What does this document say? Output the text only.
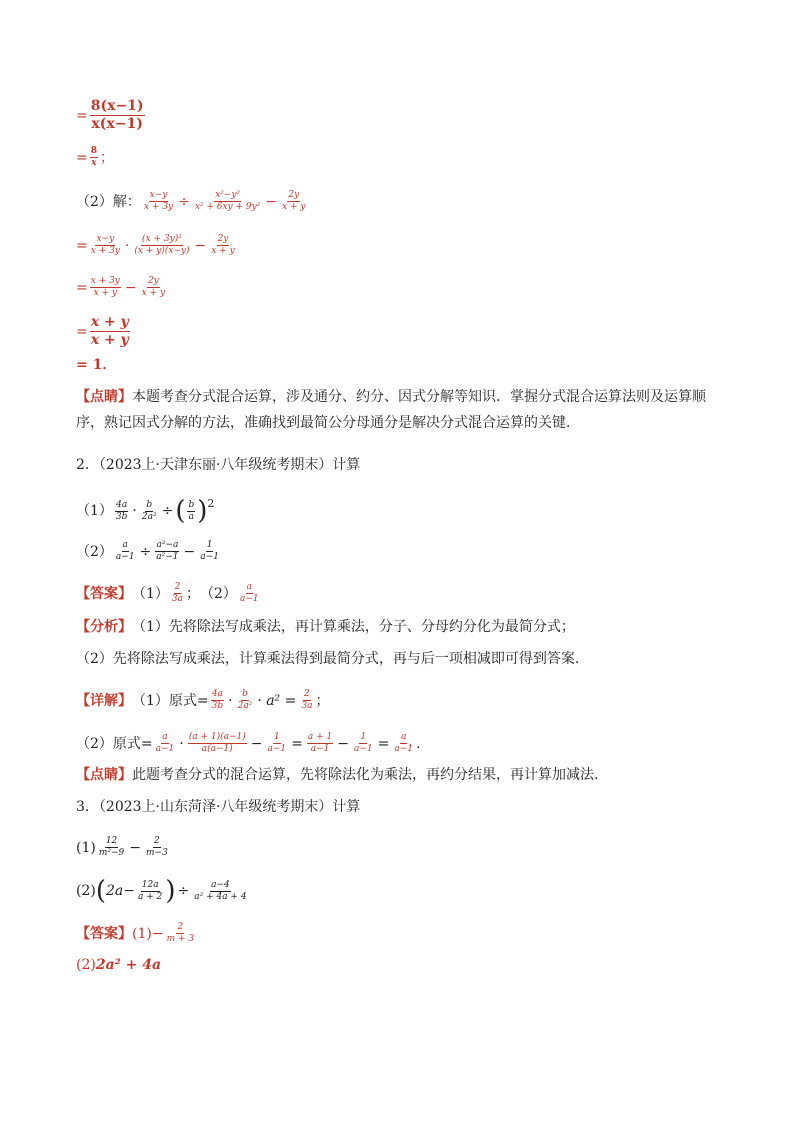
= $\frac{8(x-1)}{x(x-1)}$
= $\frac{8}{x}$ ；
（2）解： $\frac{x-y}{x + 3y} \div \frac{\text{x²−y²}}{\text{x² + 6xy + 9y²}} - \frac{2y}{x + y}$
= $\frac{x-y}{x + 3y} \cdot \frac{\text{(x + 3y)²}}{(x + y)(x-y)} - \frac{2y}{x + y}$
= $\frac{x + 3y}{x + y} - \frac{2y}{x + y}$
= $\frac{x + y}{x + y}$
= 1．
【点睛】本题考查分式混合运算，涉及通分、约分、因式分解等知识．掌握分式混合运算法则及运算顺序，熟记因式分解的方法，准确找到最简公分母通分是解决分式混合运算的关键．
2．（2023上·天津东丽·八年级统考期末）计算
$(1) \frac{4a}{3b} \cdot \frac{b}{\text{2a²}}$ ÷ ( $\frac{b}{a} )^2$
$(2) \frac{a}{a-1} \div \frac{\text{a²−a}}{\text{a²−1}} - \frac{1}{a-1}$
【答案】 $(1) \frac{2}{3a}$ ； $(2) \frac{a}{a-1}$
【分析】 （1）先将除法写成乘法，再计算乘法，分子、分母约分化为最简分式；
（2）先将除法写成乘法，计算乘法得到最简分式，再与后一项相减即可得到答案.
【详解】 （1）原式= $\frac{4a}{3b} \cdot \frac{b}{\text{2a²}} \cdot a^2 = \frac{2}{3a}$ ；
（2）原式= $\frac{a}{a-1} \cdot \frac{(a + 1)(a-1)}{a(a-1)} - \frac{1}{a-1} = \frac{a + 1}{a-1} - \frac{1}{a-1} = \frac{a}{a-1}$ .
【点睛】 此题考查分式的混合运算，先将除法化为乘法，再约分结果，再计算加减法.
3．（2023上·山东菏泽·八年级统考期末）计算
$(1) \frac{12}{\text{m²−9}} - \frac{2}{m-3}$
(2) ( $2a- \frac{12a}{a + 2}$ ) ÷ $\frac{a-4}{\text{a² + 4a + 4}}$
【答案】 $(1)- \frac{2}{m + 3}$
(2) 2a² + 4a
